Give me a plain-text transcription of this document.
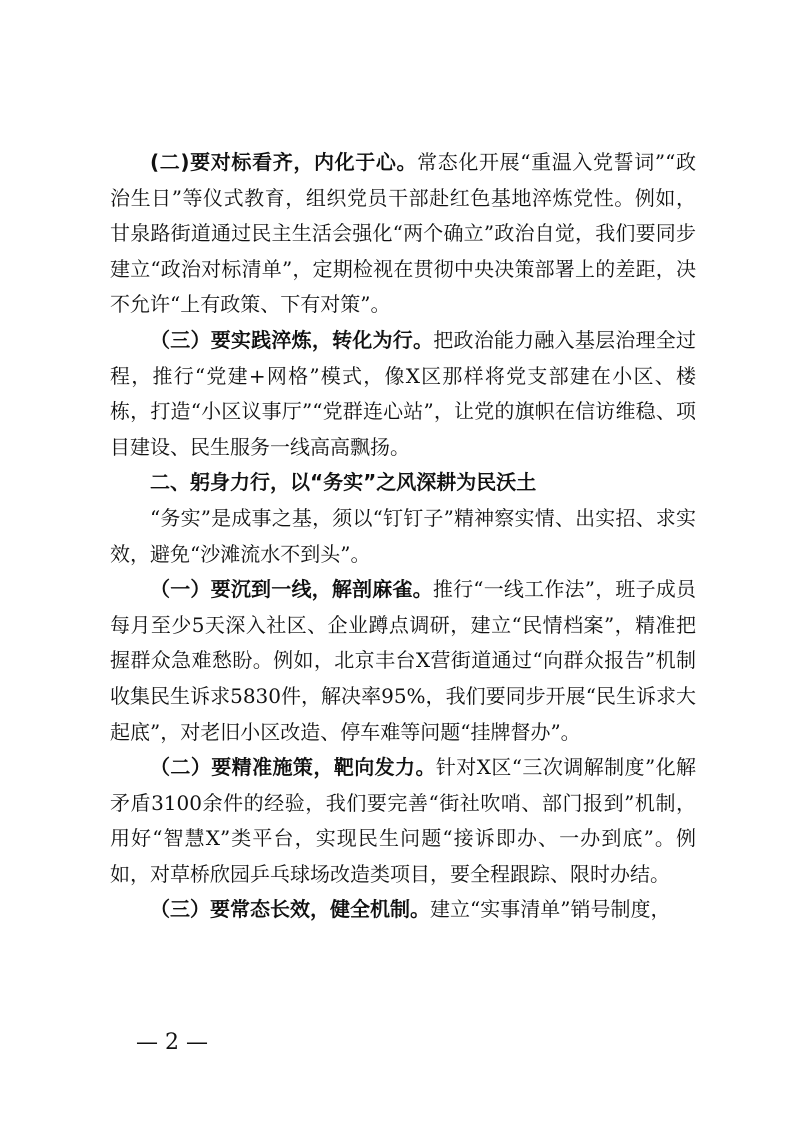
(二)要对标看齐，内化于心。常态化开展“重温入党誓词”“政治生日”等仪式教育，组织党员干部赴红色基地淬炼党性。例如，甘泉路街道通过民主生活会强化“两个确立”政治自觉，我们要同步建立“政治对标清单”，定期检视在贯彻中央决策部署上的差距，决不允许“上有政策、下有对策”。

（三）要实践淬炼，转化为行。把政治能力融入基层治理全过程，推行“党建+网格”模式，像X区那样将党支部建在小区、楼栋，打造“小区议事厅”“党群连心站”，让党的旗帜在信访维稳、项目建设、民生服务一线高高飘扬。

二、躬身力行，以“务实”之风深耕为民沃土

“务实”是成事之基，须以“钉钉子”精神察实情、出实招、求实效，避免“沙滩流水不到头”。

（一）要沉到一线，解剖麻雀。推行“一线工作法”，班子成员每月至少5天深入社区、企业蹲点调研，建立“民情档案”，精准把握群众急难愁盼。例如，北京丰台X营街道通过“向群众报告”机制收集民生诉求5830件，解决率95%，我们要同步开展“民生诉求大起底”，对老旧小区改造、停车难等问题“挂牌督办”。

（二）要精准施策，靶向发力。针对X区“三次调解制度”化解矛盾3100余件的经验，我们要完善“街社吹哨、部门报到”机制，用好“智慧X”类平台，实现民生问题“接诉即办、一办到底”。例如，对草桥欣园乒乓球场改造类项目，要全程跟踪、限时办结。

（三）要常态长效，健全机制。建立“实事清单”销号制度，

— 2 —
